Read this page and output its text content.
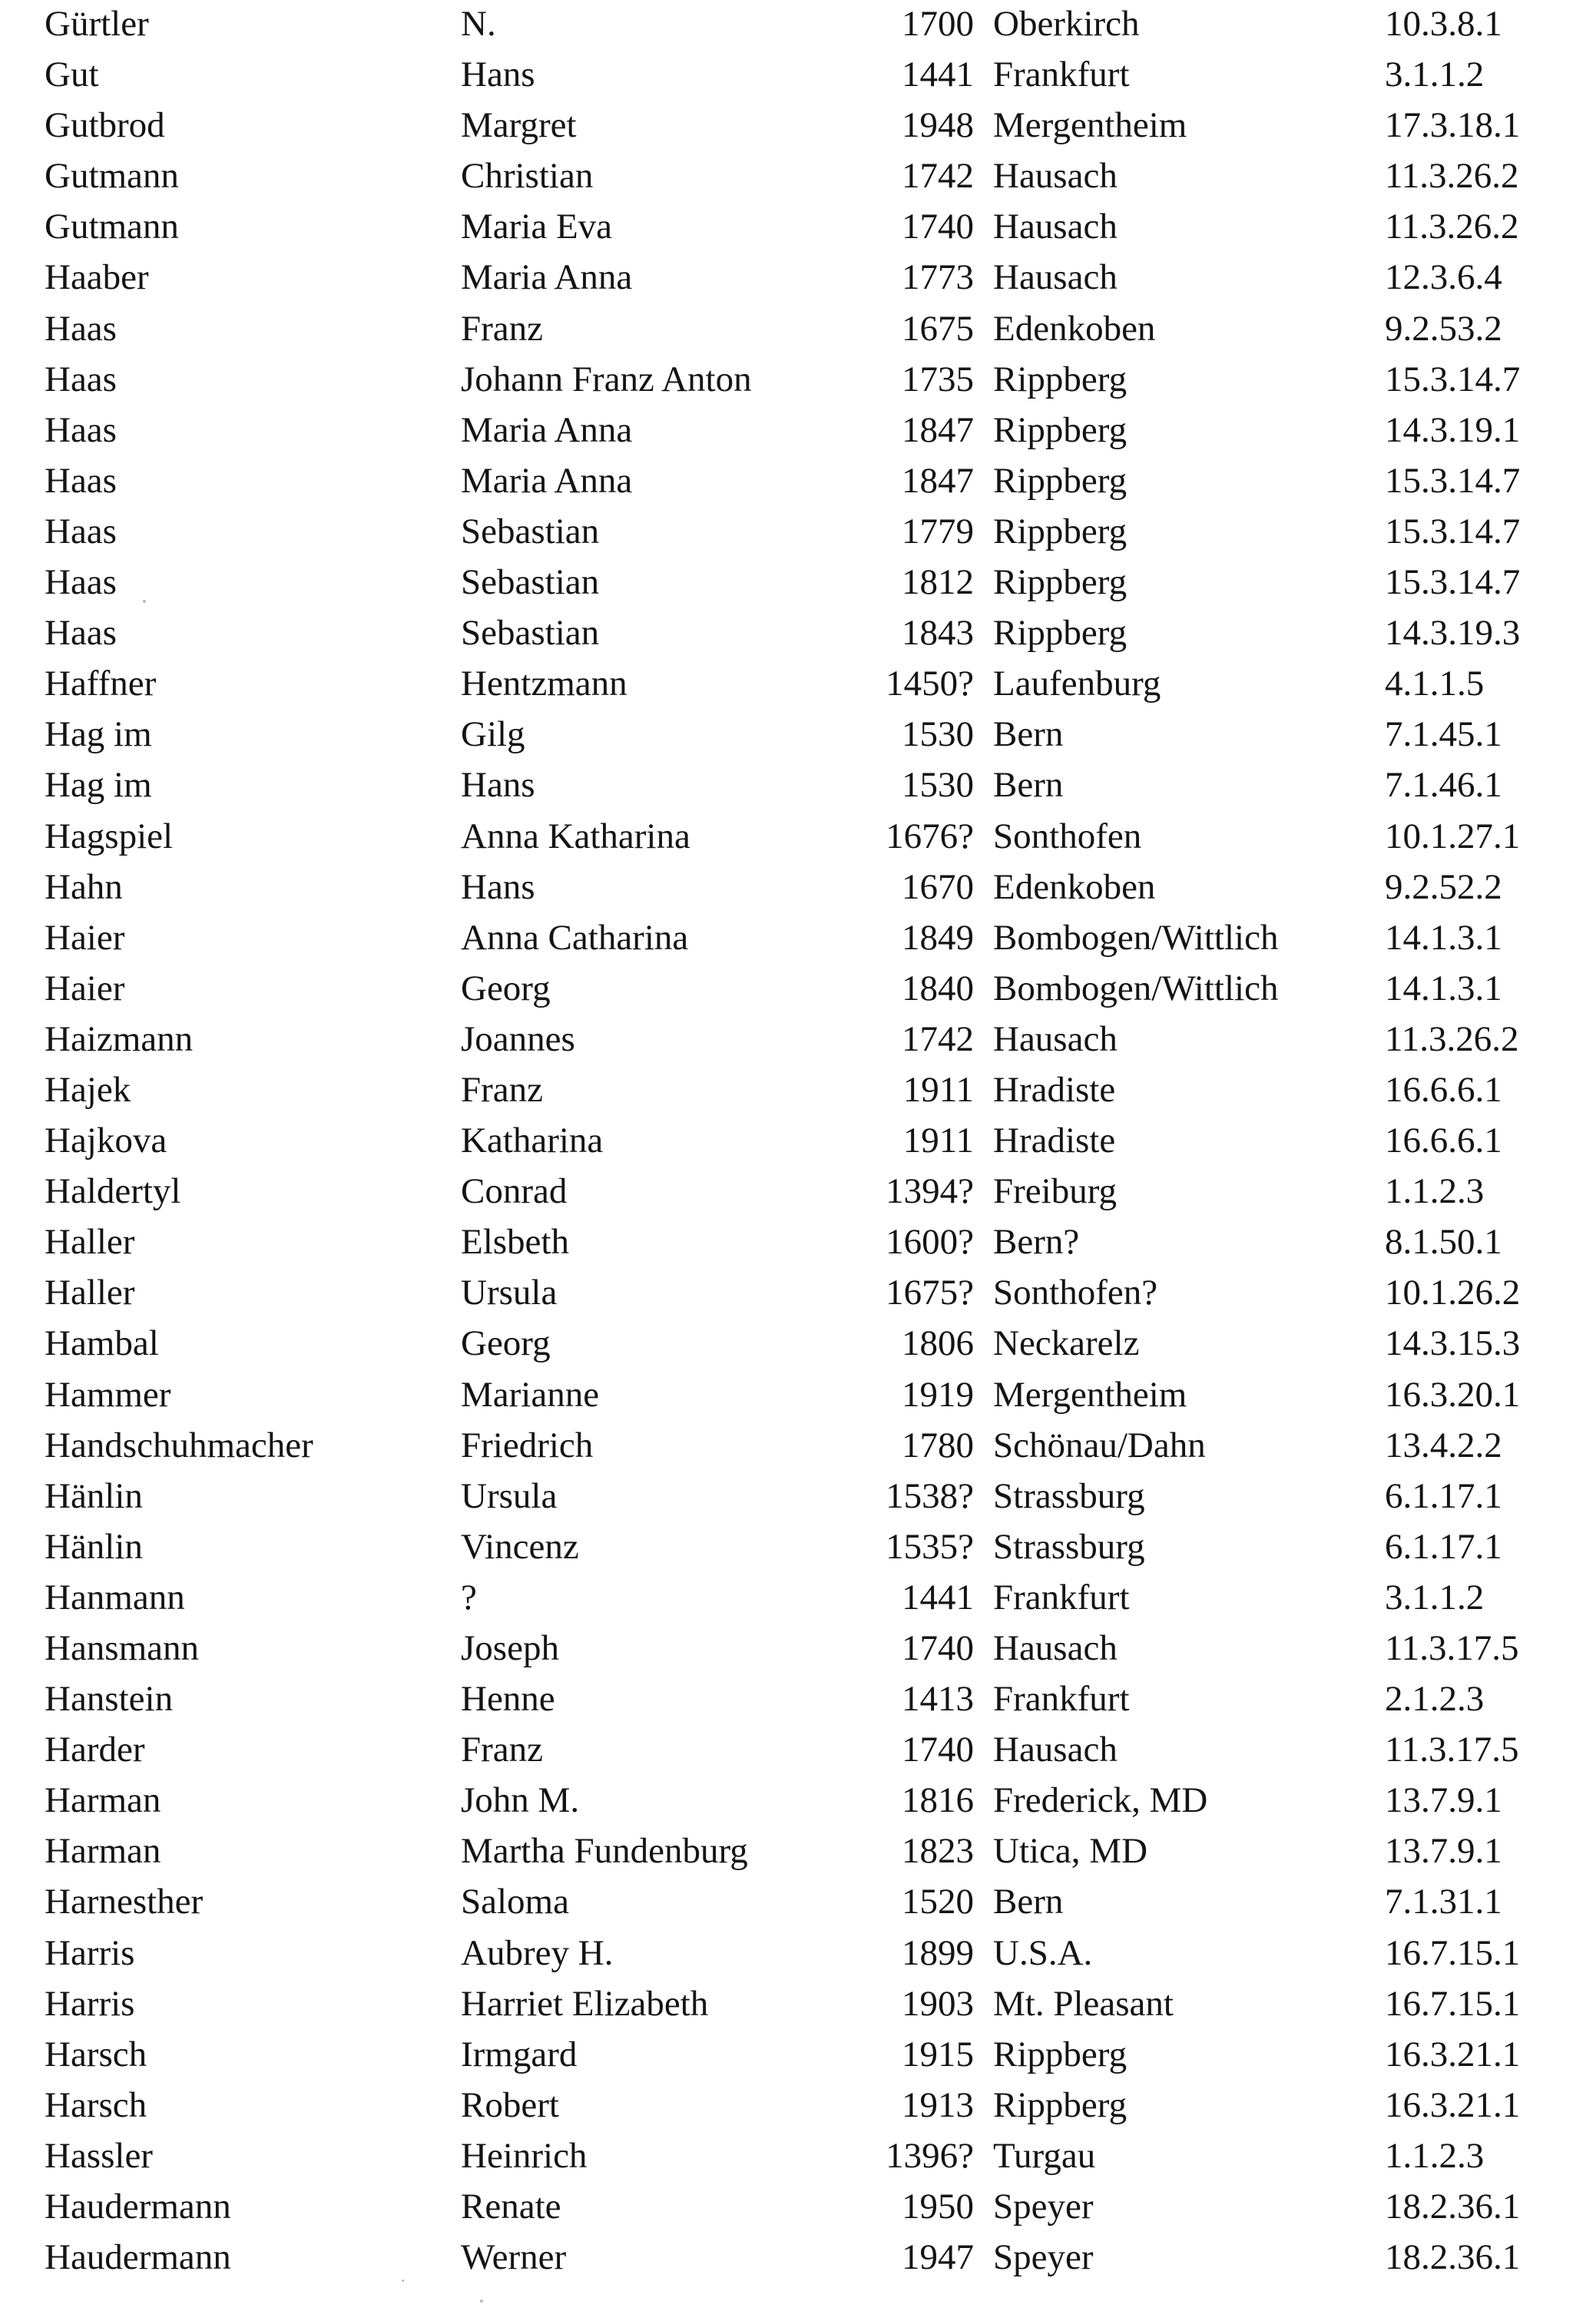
Gürtler	N.	1700 Oberkirch	10.3.8.1
Gut	Hans	1441 Frankfurt	3.1.1.2
Gutbrod	Margret	1948 Mergentheim	17.3.18.1
Gutmann	Christian	1742 Hausach	11.3.26.2
Gutmann	Maria Eva	1740 Hausach	11.3.26.2
Haaber	Maria Anna	1773 Hausach	12.3.6.4
Haas	Franz	1675 Edenkoben	9.2.53.2
Haas	Johann Franz Anton	1735 Rippberg	15.3.14.7
Haas	Maria Anna	1847 Rippberg	14.3.19.1
Haas	Maria Anna	1847 Rippberg	15.3.14.7
Haas	Sebastian	1779 Rippberg	15.3.14.7
Haas	Sebastian	1812 Rippberg	15.3.14.7
Haas	Sebastian	1843 Rippberg	14.3.19.3
Haffner	Hentzmann	1450? Laufenburg	4.1.1.5
Hag im	Gilg	1530 Bern	7.1.45.1
Hag im	Hans	1530 Bern	7.1.46.1
Hagspiel	Anna Katharina	1676? Sonthofen	10.1.27.1
Hahn	Hans	1670 Edenkoben	9.2.52.2
Haier	Anna Catharina	1849 Bombogen/Wittlich	14.1.3.1
Haier	Georg	1840 Bombogen/Wittlich	14.1.3.1
Haizmann	Joannes	1742 Hausach	11.3.26.2
Hajek	Franz	1911 Hradiste	16.6.6.1
Hajkova	Katharina	1911 Hradiste	16.6.6.1
Haldertyl	Conrad	1394? Freiburg	1.1.2.3
Haller	Elsbeth	1600? Bern?	8.1.50.1
Haller	Ursula	1675? Sonthofen?	10.1.26.2
Hambal	Georg	1806 Neckarelz	14.3.15.3
Hammer	Marianne	1919 Mergentheim	16.3.20.1
Handschuhmacher	Friedrich	1780 Schönau/Dahn	13.4.2.2
Hänlin	Ursula	1538? Strassburg	6.1.17.1
Hänlin	Vincenz	1535? Strassburg	6.1.17.1
Hanmann	?	1441 Frankfurt	3.1.1.2
Hansmann	Joseph	1740 Hausach	11.3.17.5
Hanstein	Henne	1413 Frankfurt	2.1.2.3
Harder	Franz	1740 Hausach	11.3.17.5
Harman	John M.	1816 Frederick, MD	13.7.9.1
Harman	Martha Fundenburg	1823 Utica, MD	13.7.9.1
Harnesther	Saloma	1520 Bern	7.1.31.1
Harris	Aubrey H.	1899 U.S.A.	16.7.15.1
Harris	Harriet Elizabeth	1903 Mt. Pleasant	16.7.15.1
Harsch	Irmgard	1915 Rippberg	16.3.21.1
Harsch	Robert	1913 Rippberg	16.3.21.1
Hassler	Heinrich	1396? Turgau	1.1.2.3
Haudermann	Renate	1950 Speyer	18.2.36.1
Haudermann	Werner	1947 Speyer	18.2.36.1
